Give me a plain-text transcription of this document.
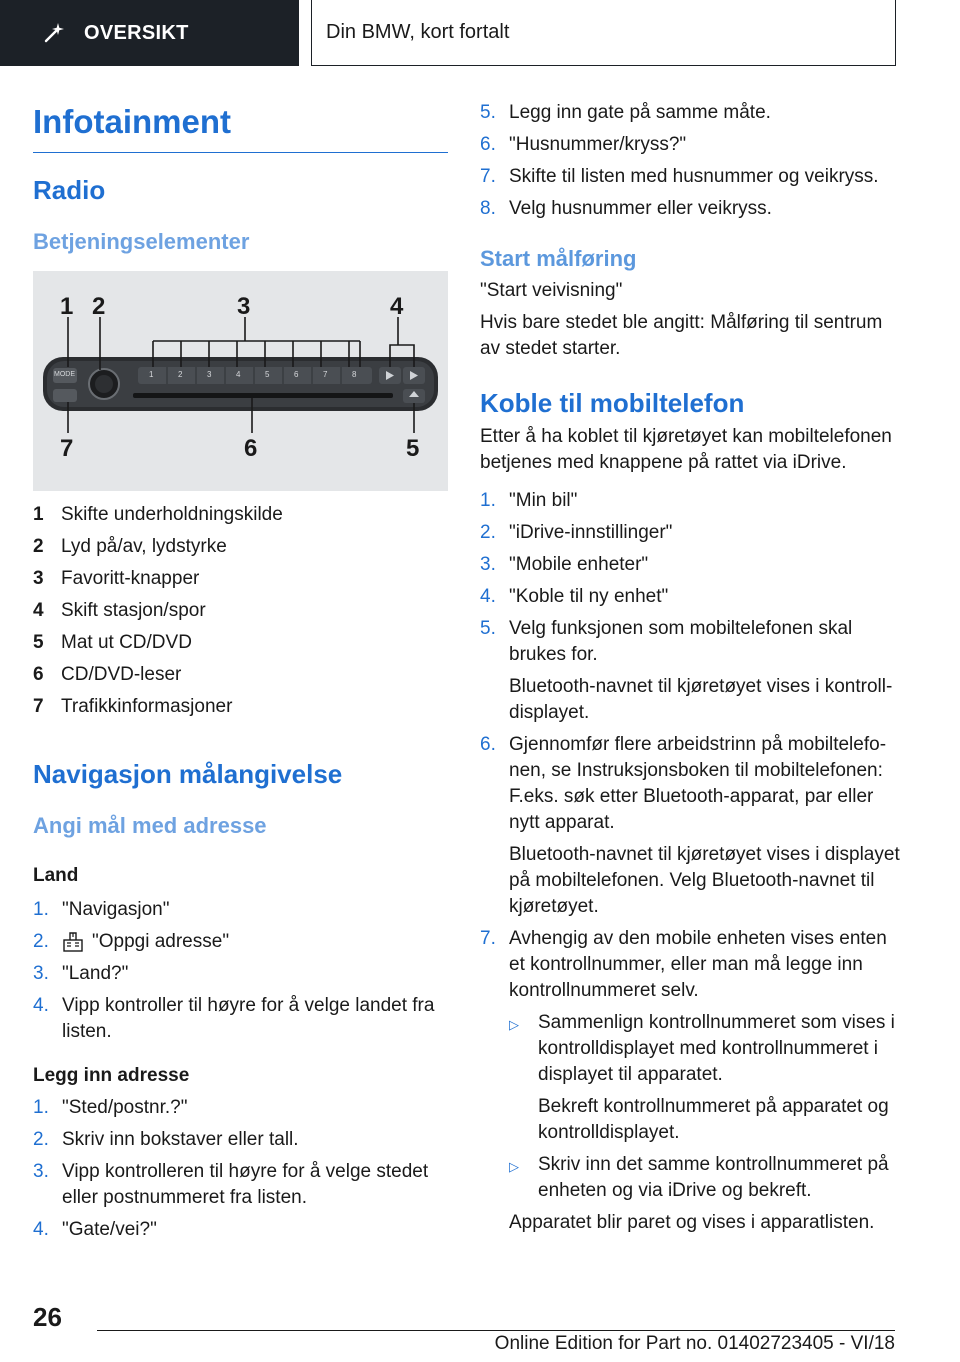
OVERSIKT	Din BMW, kort fortalt
Infotainment
Radio
Betjeningselementer
1 2	3	4
7	6	5
MODE	1	2	3	4	5	6	7	8
1 Skifte underholdningskilde
2 Lyd på/av, lydstyrke
3 Favoritt-knapper
4 Skift stasjon/spor
5 Mat ut CD/DVD
6 CD/DVD-leser
7 Trafikkinformasjoner
Navigasjon målangivelse
Angi mål med adresse
Land
1. "Navigasjon"
2.	"Oppgi adresse"
3. "Land?"
4. Vipp kontroller til høyre for å velge landet fra listen.
Legg inn adresse
1. "Sted/postnr.?"
2. Skriv inn bokstaver eller tall.
3. Vipp kontrolleren til høyre for å velge stedet eller postnummeret fra listen.
4. "Gate/vei?"
5. Legg inn gate på samme måte.
6. "Husnummer/kryss?"
7. Skifte til listen med husnummer og veikryss.
8. Velg husnummer eller veikryss.
Start målføring
"Start veivisning"
Hvis bare stedet ble angitt: Målføring til sentrum av stedet starter.
Koble til mobiltelefon
Etter å ha koblet til kjøretøyet kan mobiltelefonen betjenes med knappene på rattet via iDrive.
1. "Min bil"
2. "iDrive-innstillinger"
3. "Mobile enheter"
4. "Koble til ny enhet"
5. Velg funksjonen som mobiltelefonen skal brukes for.

Bluetooth-navnet til kjøretøyet vises i kontrolldisplayet.

6. Gjennomfør flere arbeidstrinn på mobiltelefonen, se Instruksjonsboken til mobiltelefonen: F.eks. søk etter Bluetooth-apparat, par eller nytt apparat.

Bluetooth-navnet til kjøretøyet vises i displayet på mobiltelefonen. Velg Bluetooth-navnet til kjøretøyet.

7. Avhengig av den mobile enheten vises enten et kontrollnummer, eller man må legge inn kontrollnummeret selv.

▷	Sammenlign kontrollnummeret som vises i kontrolldisplayet med kontrollnummeret i displayet til apparatet.

Bekreft kontrollnummeret på apparatet og kontrolldisplayet.

▷	Skriv inn det samme kontrollnummeret på enheten og via iDrive og bekreft.

Apparatet blir paret og vises i apparatlisten.

26
Online Edition for Part no. 01402723405 - VI/18
